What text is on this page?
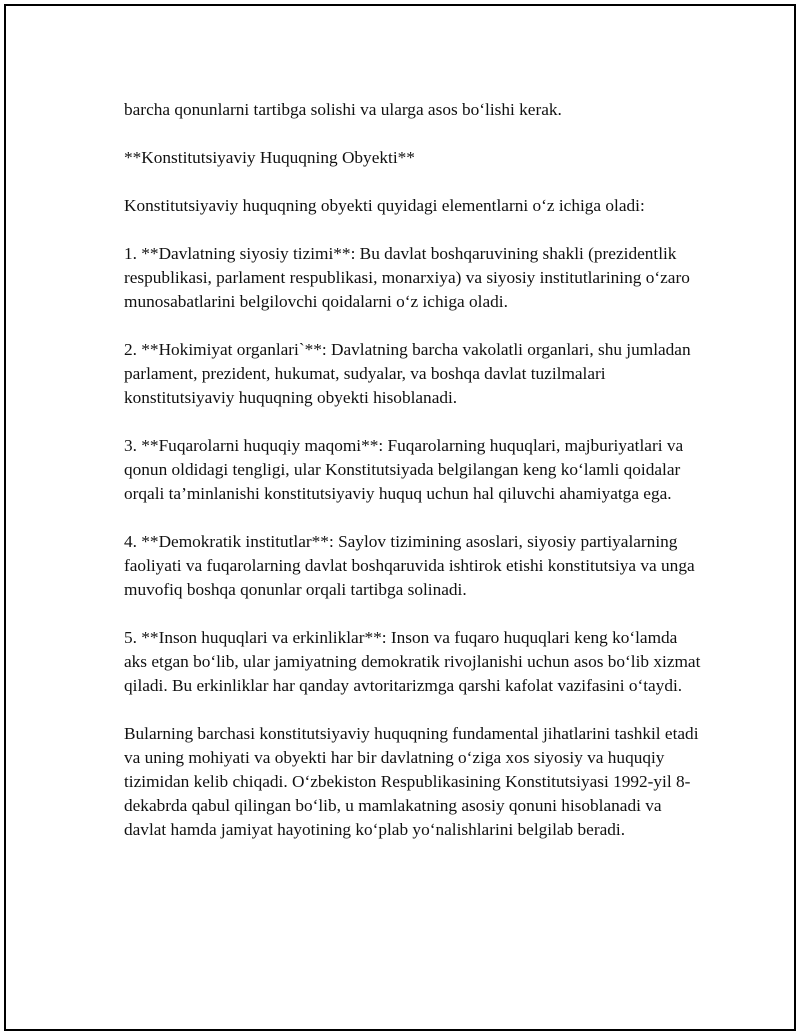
barcha qonunlarni tartibga solishi va ularga asos bo‘lishi kerak.

**Konstitutsiyaviy Huquqning Obyekti**

Konstitutsiyaviy huquqning obyekti quyidagi elementlarni o‘z ichiga oladi:

1. **Davlatning siyosiy tizimi**: Bu davlat boshqaruvining shakli (prezidentlik respublikasi, parlament respublikasi, monarxiya) va siyosiy institutlarining o‘zaro munosabatlarini belgilovchi qoidalarni o‘z ichiga oladi.

2. **Hokimiyat organlari`**: Davlatning barcha vakolatli organlari, shu jumladan parlament, prezident, hukumat, sudyalar, va boshqa davlat tuzilmalari konstitutsiyaviy huquqning obyekti hisoblanadi.

3. **Fuqarolarni huquqiy maqomi**: Fuqarolarning huquqlari, majburiyatlari va qonun oldidagi tengligi, ular Konstitutsiyada belgilangan keng ko‘lamli qoidalar orqali ta’minlanishi konstitutsiyaviy huquq uchun hal qiluvchi ahamiyatga ega.

4. **Demokratik institutlar**: Saylov tizimining asoslari, siyosiy partiyalarning faoliyati va fuqarolarning davlat boshqaruvida ishtirok etishi konstitutsiya va unga muvofiq boshqa qonunlar orqali tartibga solinadi.

5. **Inson huquqlari va erkinliklar**: Inson va fuqaro huquqlari keng ko‘lamda aks etgan bo‘lib, ular jamiyatning demokratik rivojlanishi uchun asos bo‘lib xizmat qiladi. Bu erkinliklar har qanday avtoritarizmga qarshi kafolat vazifasini o‘taydi.

Bularning barchasi konstitutsiyaviy huquqning fundamental jihatlarini tashkil etadi va uning mohiyati va obyekti har bir davlatning o‘ziga xos siyosiy va huquqiy tizimidan kelib chiqadi. O‘zbekiston Respublikasining Konstitutsiyasi 1992-yil 8-dekabrda qabul qilingan bo‘lib, u mamlakatning asosiy qonuni hisoblanadi va davlat hamda jamiyat hayotining ko‘plab yo‘nalishlarini belgilab beradi.
